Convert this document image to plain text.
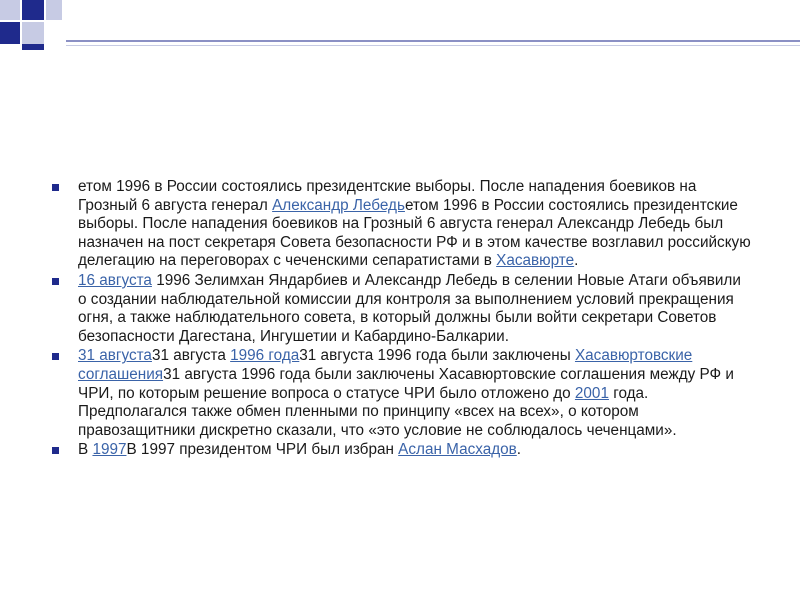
етом 1996 в России состоялись президентские выборы. После нападения боевиков на Грозный 6 августа генерал Александр Лебедьетом 1996 в России состоялись президентские выборы. После нападения боевиков на Грозный 6 августа генерал Александр Лебедь был назначен на пост секретаря Совета безопасности РФ и в этом качестве возглавил российскую делегацию на переговорах с чеченскими сепаратистами в Хасавюрте.
16 августа 1996 Зелимхан Яндарбиев и Александр Лебедь в селении Новые Атаги объявили о создании наблюдательной комиссии для контроля за выполнением условий прекращения огня, а также наблюдательного совета, в который должны были войти секретари Советов безопасности Дагестана, Ингушетии и Кабардино-Балкарии.
31 августа31 августа 1996 года31 августа 1996 года были заключены Хасавюртовские соглашения31 августа 1996 года были заключены Хасавюртовские соглашения между РФ и ЧРИ, по которым решение вопроса о статусе ЧРИ было отложено до 2001 года. Предполагался также обмен пленными по принципу «всех на всех», о котором правозащитники дискретно сказали, что «это условие не соблюдалось чеченцами».
В 1997В 1997 президентом ЧРИ был избран Аслан Масхадов.
